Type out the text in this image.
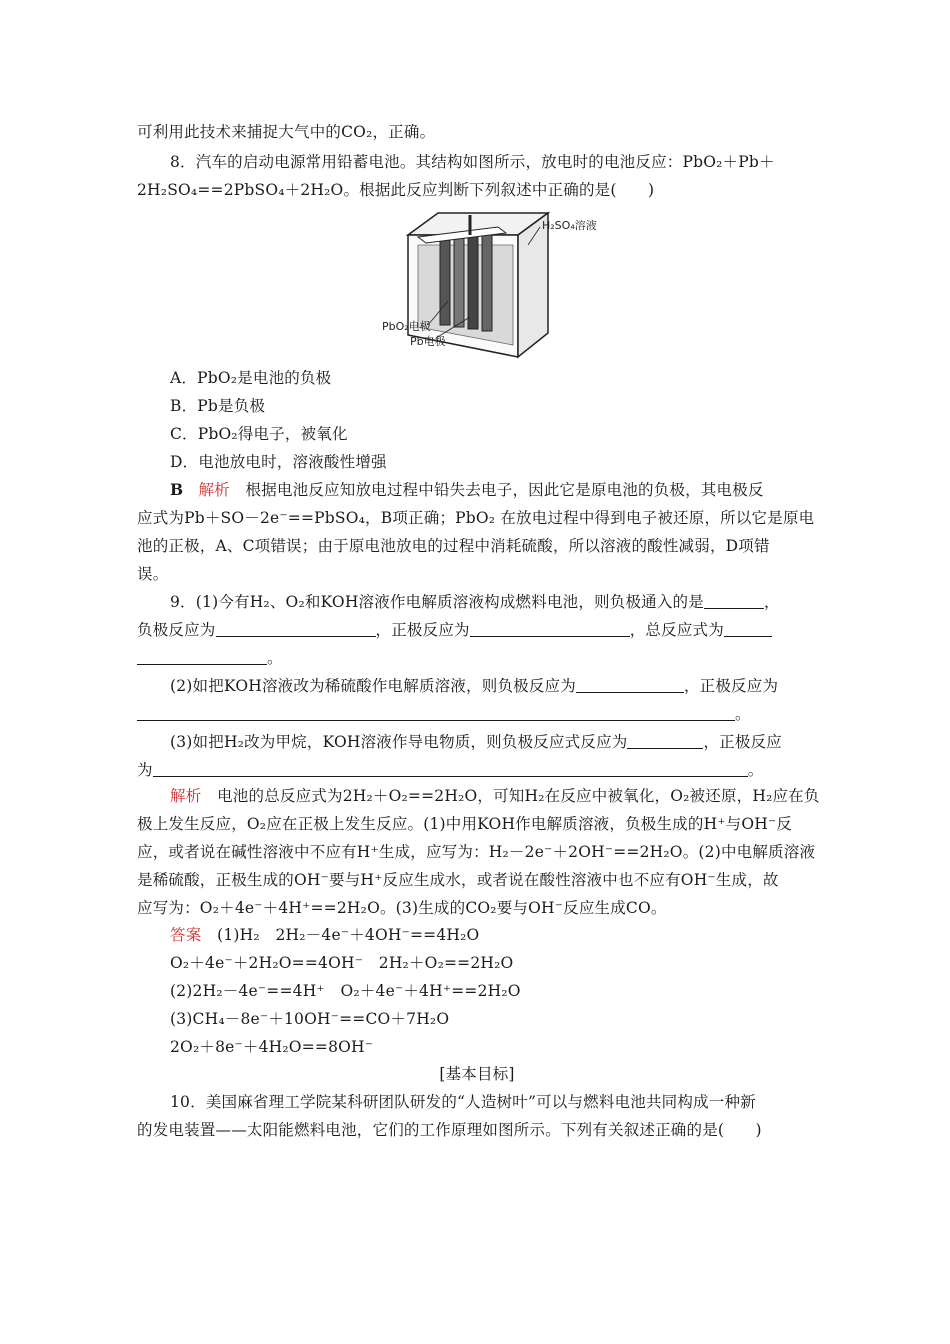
可利用此技术来捕捉大气中的CO₂，正确。
8．汽车的启动电源常用铅蓄电池。其结构如图所示，放电时的电池反应：PbO₂＋Pb＋
2H₂SO₄==2PbSO₄＋2H₂O。根据此反应判断下列叙述中正确的是(　　)
H₂SO₄溶液
PbO₂电极
Pb电极
A．PbO₂是电池的负极
B．Pb是负极
C．PbO₂得电子，被氧化
D．电池放电时，溶液酸性增强
B 解析　根据电池反应知放电过程中铅失去电子，因此它是原电池的负极，其电极反
应式为Pb＋SO－2e⁻==PbSO₄，B项正确；PbO₂ 在放电过程中得到电子被还原，所以它是原电
池的正极，A、C项错误；由于原电池放电的过程中消耗硫酸，所以溶液的酸性减弱，D项错
误。
9．(1)今有H₂、O₂和KOH溶液作电解质溶液构成燃料电池，则负极通入的是	，
负极反应为	，正极反应为	，总反应式为
。
(2)如把KOH溶液改为稀硫酸作电解质溶液，则负极反应为	，正极反应为
。
(3)如把H₂改为甲烷，KOH溶液作导电物质，则负极反应式反应为	，正极反应
为	。
解析　电池的总反应式为2H₂＋O₂==2H₂O，可知H₂在反应中被氧化，O₂被还原，H₂应在负
极上发生反应，O₂应在正极上发生反应。(1)中用KOH作电解质溶液，负极生成的H⁺与OH⁻反
应，或者说在碱性溶液中不应有H⁺生成，应写为：H₂－2e⁻＋2OH⁻==2H₂O。(2)中电解质溶液
是稀硫酸，正极生成的OH⁻要与H⁺反应生成水，或者说在酸性溶液中也不应有OH⁻生成，故
应写为：O₂＋4e⁻＋4H⁺==2H₂O。(3)生成的CO₂要与OH⁻反应生成CO。
答案　(1)H₂　2H₂－4e⁻＋4OH⁻==4H₂O
O₂＋4e⁻＋2H₂O==4OH⁻　2H₂＋O₂==2H₂O
(2)2H₂－4e⁻==4H⁺　O₂＋4e⁻＋4H⁺==2H₂O
(3)CH₄－8e⁻＋10OH⁻==CO＋7H₂O
2O₂＋8e⁻＋4H₂O==8OH⁻
[基本目标]
10．美国麻省理工学院某科研团队研发的“人造树叶”可以与燃料电池共同构成一种新
的发电装置——太阳能燃料电池，它们的工作原理如图所示。下列有关叙述正确的是(　　)
